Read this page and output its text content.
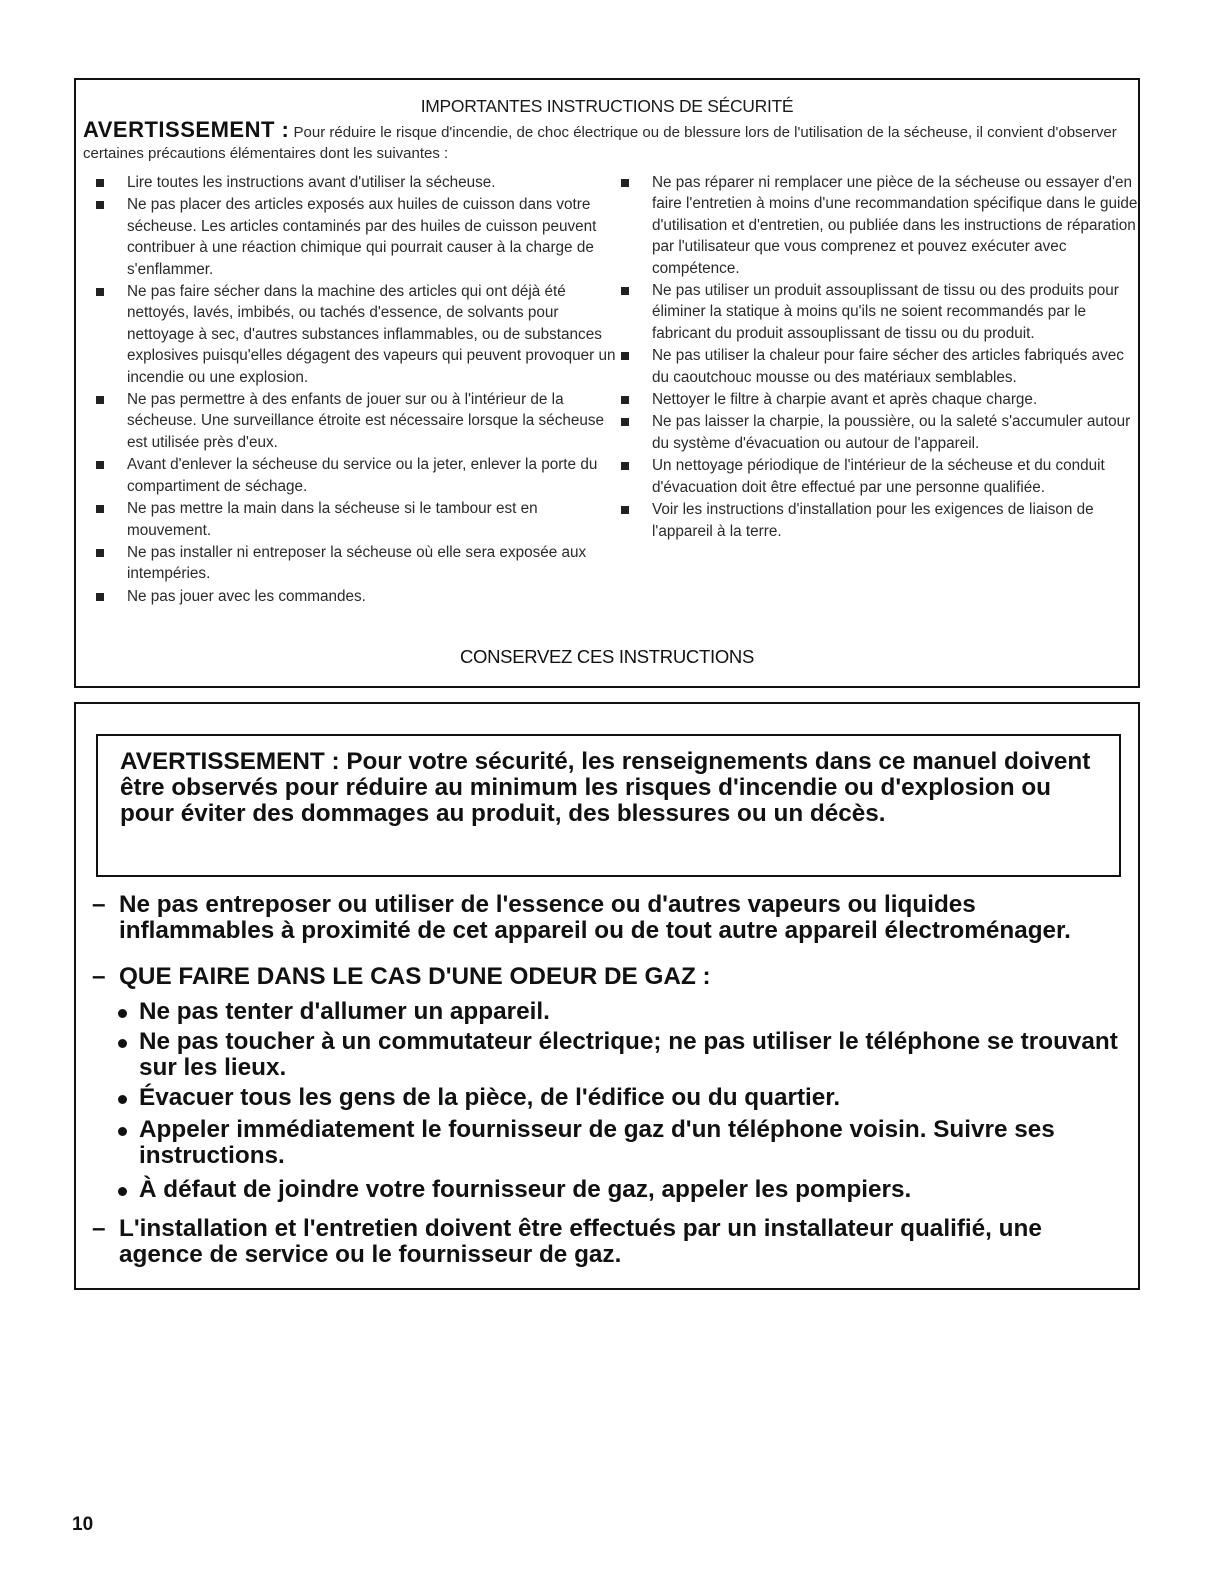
IMPORTANTES INSTRUCTIONS DE SÉCURITÉ
AVERTISSEMENT : Pour réduire le risque d'incendie, de choc électrique ou de blessure lors de l'utilisation de la sécheuse, il convient d'observer certaines précautions élémentaires dont les suivantes :
Lire toutes les instructions avant d'utiliser la sécheuse.
Ne pas placer des articles exposés aux huiles de cuisson dans votre sécheuse. Les articles contaminés par des huiles de cuisson peuvent contribuer à une réaction chimique qui pourrait causer à la charge de s'enflammer.
Ne pas faire sécher dans la machine des articles qui ont déjà été nettoyés, lavés, imbibés, ou tachés d'essence, de solvants pour nettoyage à sec, d'autres substances inflammables, ou de substances explosives puisqu'elles dégagent des vapeurs qui peuvent provoquer un incendie ou une explosion.
Ne pas permettre à des enfants de jouer sur ou à l'intérieur de la sécheuse. Une surveillance étroite est nécessaire lorsque la sécheuse est utilisée près d'eux.
Avant d'enlever la sécheuse du service ou la jeter, enlever la porte du compartiment de séchage.
Ne pas mettre la main dans la sécheuse si le tambour est en mouvement.
Ne pas installer ni entreposer la sécheuse où elle sera exposée aux intempéries.
Ne pas jouer avec les commandes.
Ne pas réparer ni remplacer une pièce de la sécheuse ou essayer d'en faire l'entretien à moins d'une recommandation spécifique dans le guide d'utilisation et d'entretien, ou publiée dans les instructions de réparation par l'utilisateur que vous comprenez et pouvez exécuter avec compétence.
Ne pas utiliser un produit assouplissant de tissu ou des produits pour éliminer la statique à moins qu'ils ne soient recommandés par le fabricant du produit assouplissant de tissu ou du produit.
Ne pas utiliser la chaleur pour faire sécher des articles fabriqués avec du caoutchouc mousse ou des matériaux semblables.
Nettoyer le filtre à charpie avant et après chaque charge.
Ne pas laisser la charpie, la poussière, ou la saleté s'accumuler autour du système d'évacuation ou autour de l'appareil.
Un nettoyage périodique de l'intérieur de la sécheuse et du conduit d'évacuation doit être effectué par une personne qualifiée.
Voir les instructions d'installation pour les exigences de liaison de l'appareil à la terre.
CONSERVEZ CES INSTRUCTIONS
AVERTISSEMENT : Pour votre sécurité, les renseignements dans ce manuel doivent être observés pour réduire au minimum les risques d'incendie ou d'explosion ou pour éviter des dommages au produit, des blessures ou un décès.
– Ne pas entreposer ou utiliser de l'essence ou d'autres vapeurs ou liquides inflammables à proximité de cet appareil ou de tout autre appareil électroménager.
– QUE FAIRE DANS LE CAS D'UNE ODEUR DE GAZ :
Ne pas tenter d'allumer un appareil.
Ne pas toucher à un commutateur électrique; ne pas utiliser le téléphone se trouvant sur les lieux.
Évacuer tous les gens de la pièce, de l'édifice ou du quartier.
Appeler immédiatement le fournisseur de gaz d'un téléphone voisin. Suivre ses instructions.
À défaut de joindre votre fournisseur de gaz, appeler les pompiers.
– L'installation et l'entretien doivent être effectués par un installateur qualifié, une agence de service ou le fournisseur de gaz.
10
